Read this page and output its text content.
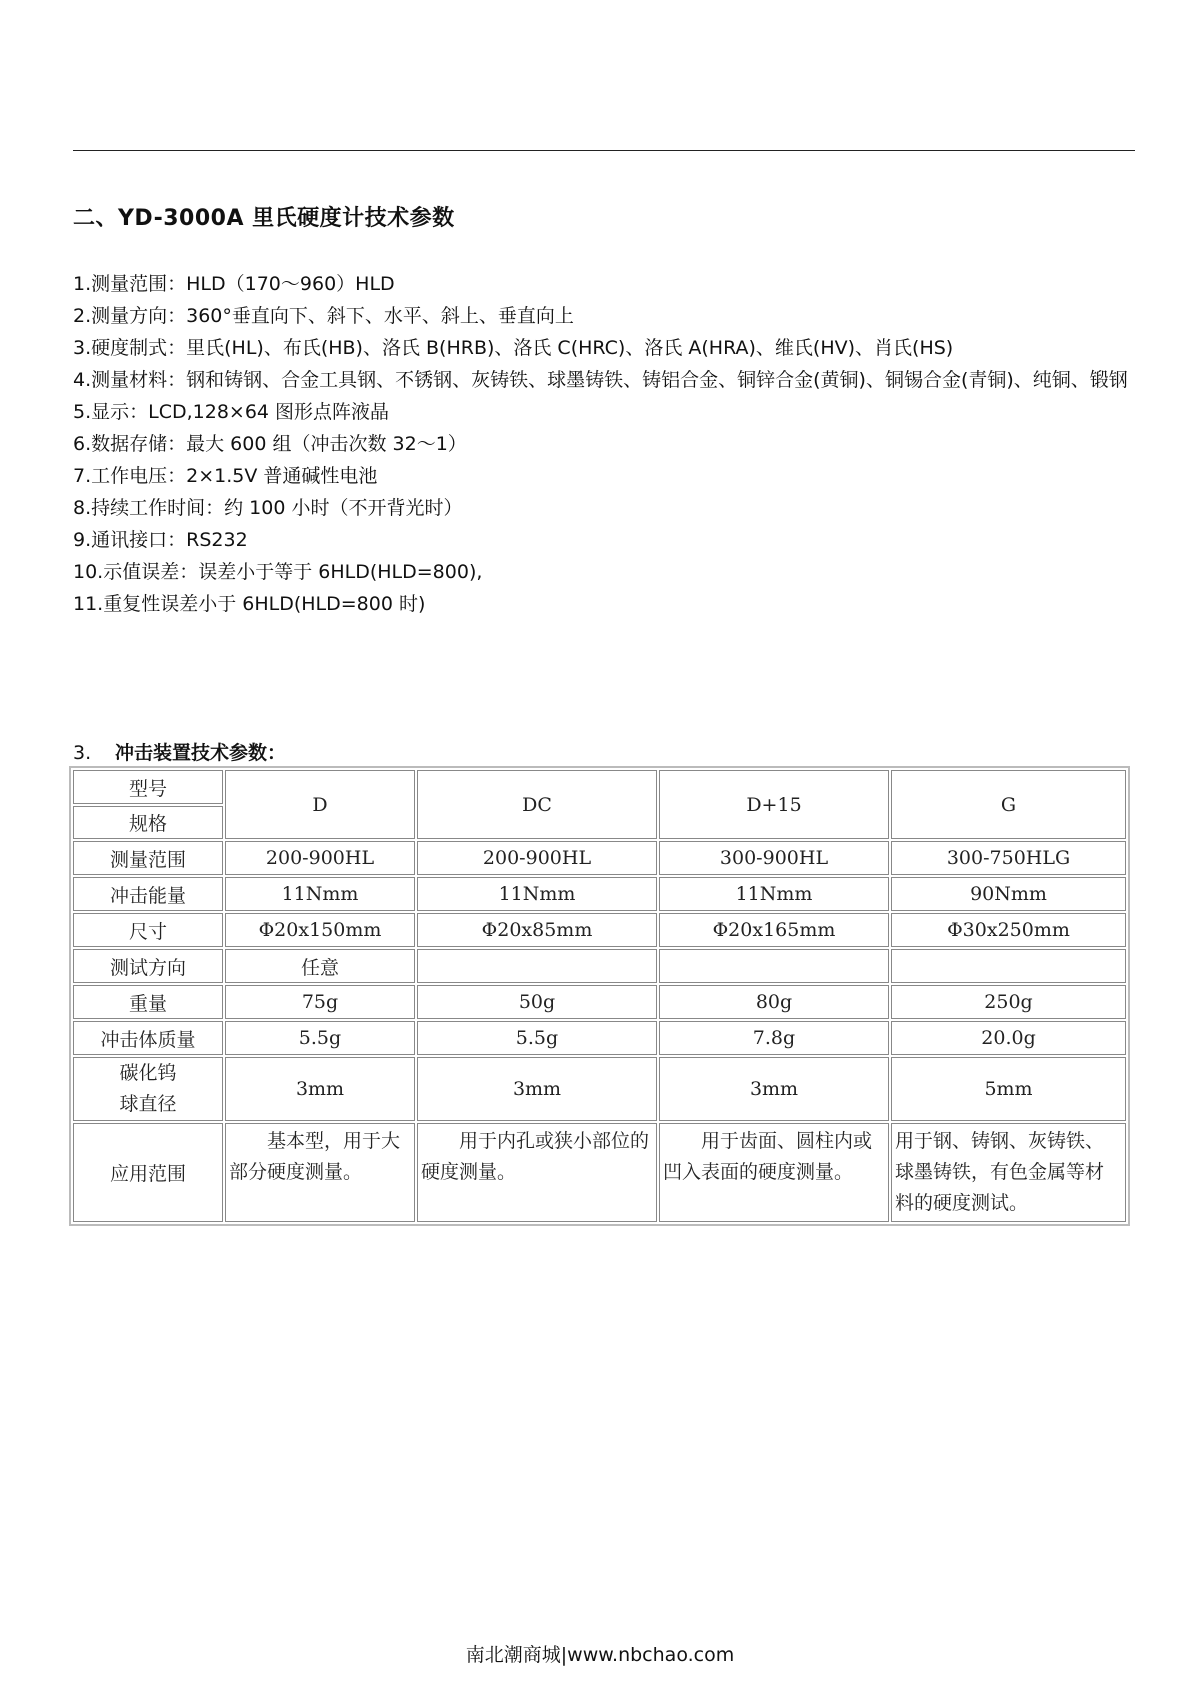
二、YD-3000A 里氏硬度计技术参数
1.测量范围：HLD（170～960）HLD
2.测量方向：360°垂直向下、斜下、水平、斜上、垂直向上
3.硬度制式：里氏(HL)、布氏(HB)、洛氏 B(HRB)、洛氏 C(HRC)、洛氏 A(HRA)、维氏(HV)、肖氏(HS)
4.测量材料：钢和铸钢、合金工具钢、不锈钢、灰铸铁、球墨铸铁、铸铝合金、铜锌合金(黄铜)、铜锡合金(青铜)、纯铜、锻钢
5.显示：LCD,128×64 图形点阵液晶
6.数据存储：最大 600 组（冲击次数 32～1）
7.工作电压：2×1.5V 普通碱性电池
8.持续工作时间：约 100 小时（不开背光时）
9.通讯接口：RS232
10.示值误差：误差小于等于 6HLD(HLD=800),
11.重复性误差小于 6HLD(HLD=800 时)
3. 冲击装置技术参数：
型号	D	DC	D+15	G
规格				
测量范围	200-900HL	200-900HL	300-900HL	300-750HLG
冲击能量	11Nmm	11Nmm	11Nmm	90Nmm
尺寸	Φ20x150mm	Φ20x85mm	Φ20x165mm	Φ30x250mm
测试方向	任意			
重量	75g	50g	80g	250g
冲击体质量	5.5g	5.5g	7.8g	20.0g
碳化钨
球直径	3mm	3mm	3mm	5mm
应用范围	　　基本型，用于大部分硬度测量。	　　用于内孔或狭小部位的硬度测量。	　　用于齿面、圆柱内或凹入表面的硬度测量。	用于钢、铸钢、灰铸铁、球墨铸铁，有色金属等材料的硬度测试。
南北潮商城|www.nbchao.com
